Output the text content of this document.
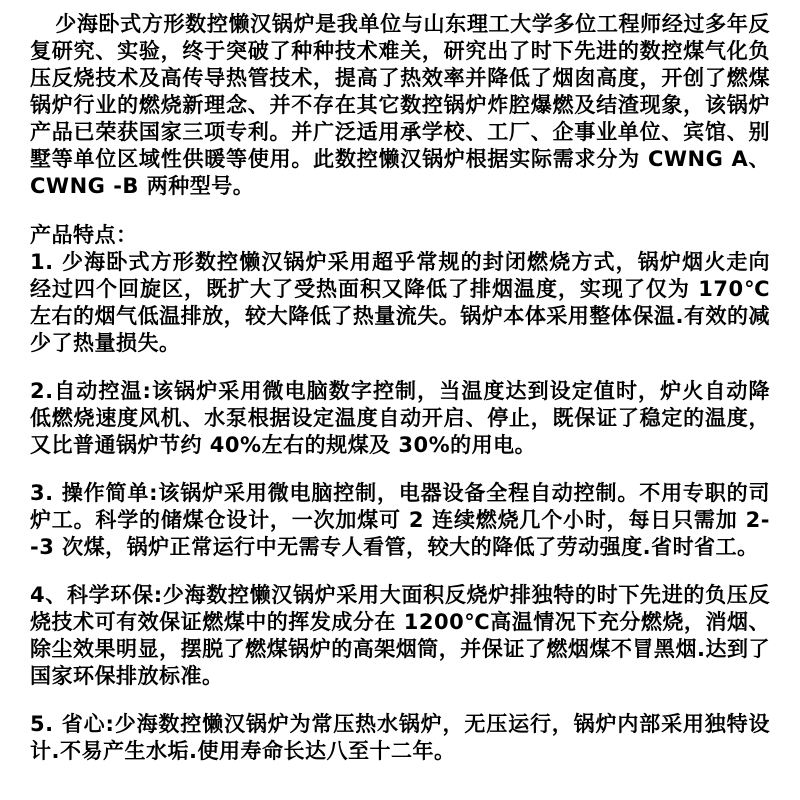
少海卧式方形数控懒汉锅炉是我单位与山东理工大学多位工程师经过多年反复研究、实验，终于突破了种种技术难关，研究出了时下先进的数控煤气化负压反烧技术及高传导热管技术，提高了热效率并降低了烟囱高度，开创了燃煤锅炉行业的燃烧新理念、并不存在其它数控锅炉炸腔爆燃及结渣现象，该锅炉产品已荣获国家三项专利。并广泛适用承学校、工厂、企事业单位、宾馆、别墅等单位区域性供暖等使用。此数控懒汉锅炉根据实际需求分为 CWNG A、CWNG -B 两种型号。

产品特点：

1. 少海卧式方形数控懒汉锅炉采用超乎常规的封闭燃烧方式，锅炉烟火走向经过四个回旋区，既扩大了受热面积又降低了排烟温度，实现了仅为 170℃左右的烟气低温排放，较大降低了热量流失。锅炉本体采用整体保温.有效的减少了热量损失。

2.自动控温:该锅炉采用微电脑数字控制，当温度达到设定值时，炉火自动降低燃烧速度风机、水泵根据设定温度自动开启、停止，既保证了稳定的温度，又比普通锅炉节约 40%左右的规煤及 30%的用电。

3. 操作简单:该锅炉采用微电脑控制，电器设备全程自动控制。不用专职的司炉工。科学的储煤仓设计，一次加煤可 2 连续燃烧几个小时，每日只需加 2--3 次煤，锅炉正常运行中无需专人看管，较大的降低了劳动强度.省时省工。

4、科学环保:少海数控懒汉锅炉采用大面积反烧炉排独特的时下先进的负压反烧技术可有效保证燃煤中的挥发成分在 1200℃高温情况下充分燃烧，消烟、除尘效果明显，摆脱了燃煤锅炉的高架烟筒，并保证了燃烟煤不冒黑烟.达到了国家环保排放标准。

5. 省心:少海数控懒汉锅炉为常压热水锅炉，无压运行，锅炉内部采用独特设计.不易产生水垢.使用寿命长达八至十二年。
